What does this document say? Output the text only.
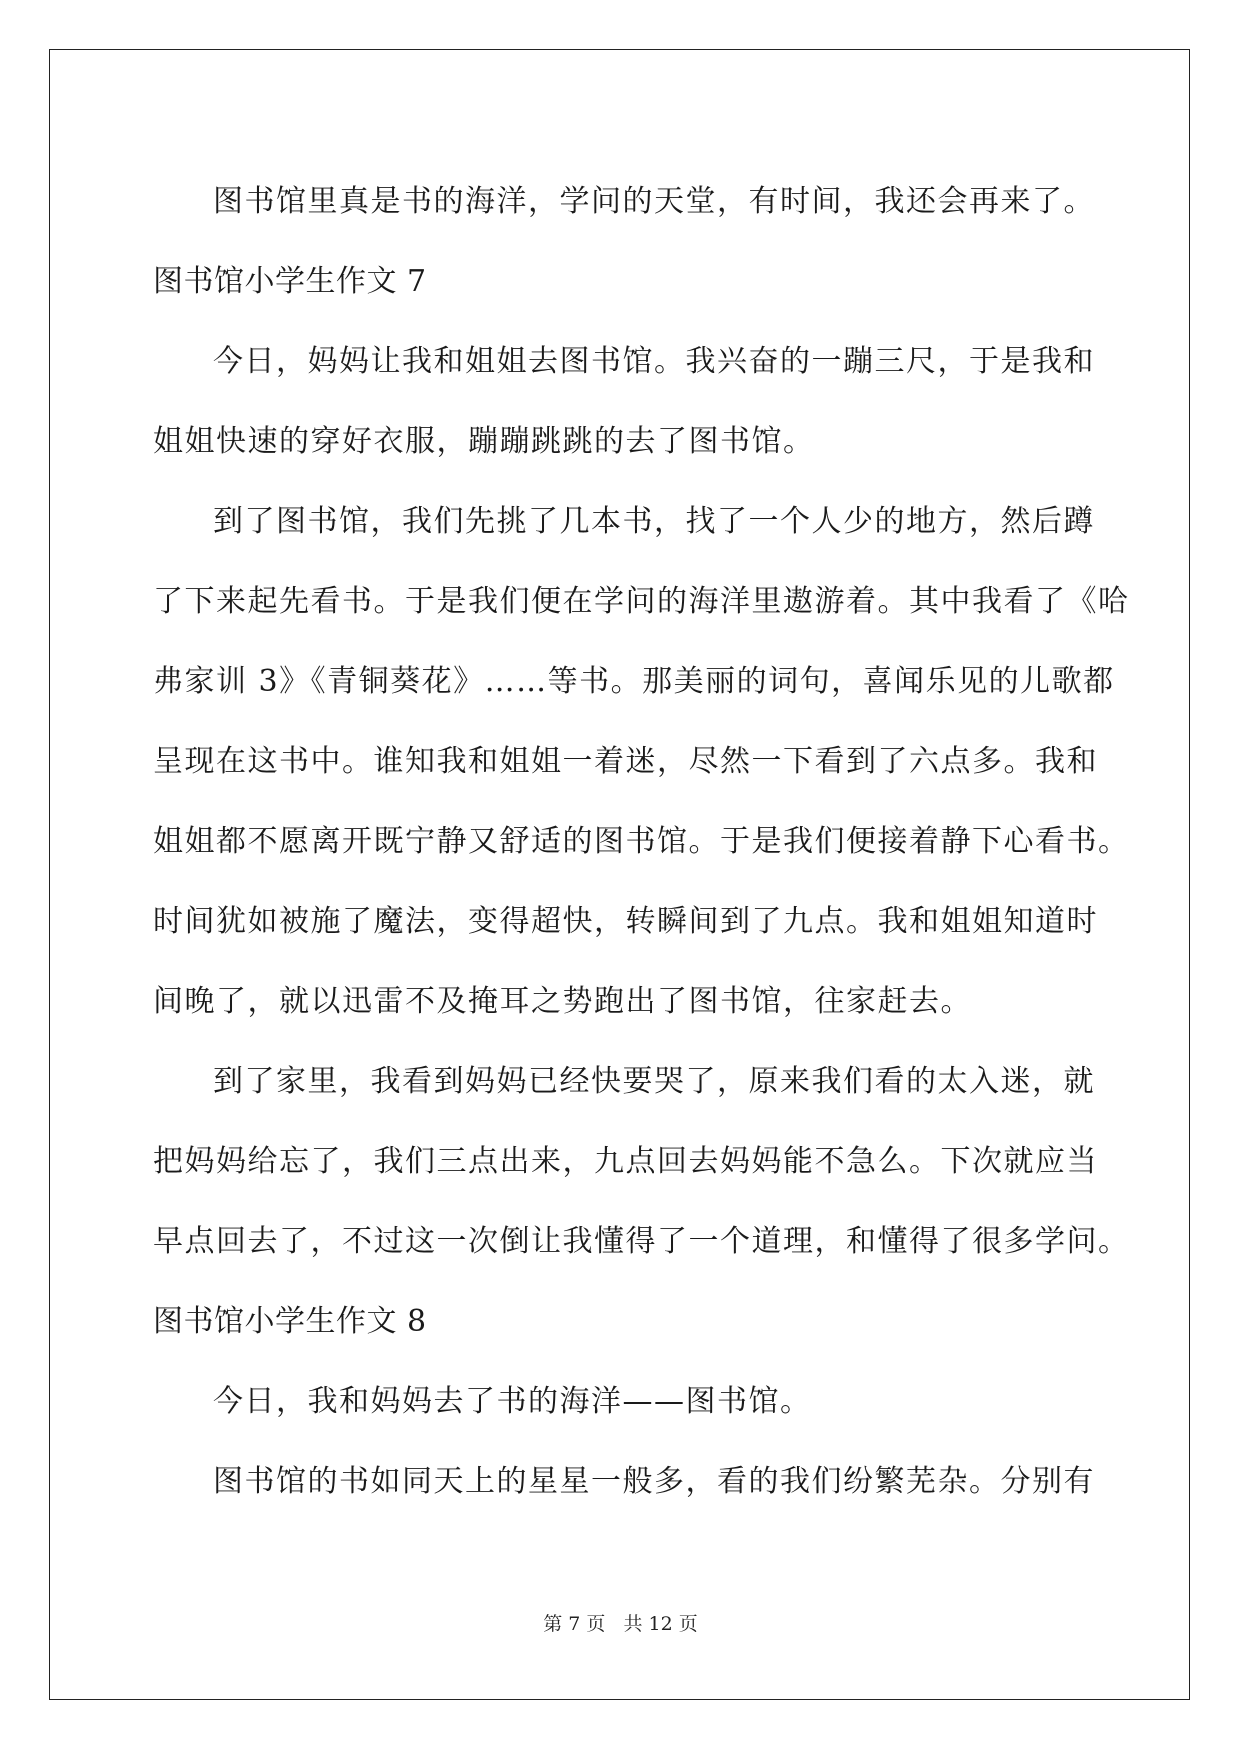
图书馆里真是书的海洋，学问的天堂，有时间，我还会再来了。
图书馆小学生作文 7
今日，妈妈让我和姐姐去图书馆。我兴奋的一蹦三尺，于是我和
姐姐快速的穿好衣服，蹦蹦跳跳的去了图书馆。
到了图书馆，我们先挑了几本书，找了一个人少的地方，然后蹲
了下来起先看书。于是我们便在学问的海洋里遨游着。其中我看了《哈
弗家训 3》《青铜葵花》……等书。那美丽的词句，喜闻乐见的儿歌都
呈现在这书中。谁知我和姐姐一着迷，尽然一下看到了六点多。我和
姐姐都不愿离开既宁静又舒适的图书馆。于是我们便接着静下心看书。
时间犹如被施了魔法，变得超快，转瞬间到了九点。我和姐姐知道时
间晚了，就以迅雷不及掩耳之势跑出了图书馆，往家赶去。
到了家里，我看到妈妈已经快要哭了，原来我们看的太入迷，就
把妈妈给忘了，我们三点出来，九点回去妈妈能不急么。下次就应当
早点回去了，不过这一次倒让我懂得了一个道理，和懂得了很多学问。
图书馆小学生作文 8
今日，我和妈妈去了书的海洋——图书馆。
图书馆的书如同天上的星星一般多，看的我们纷繁芜杂。分别有
第 7 页 共 12 页
